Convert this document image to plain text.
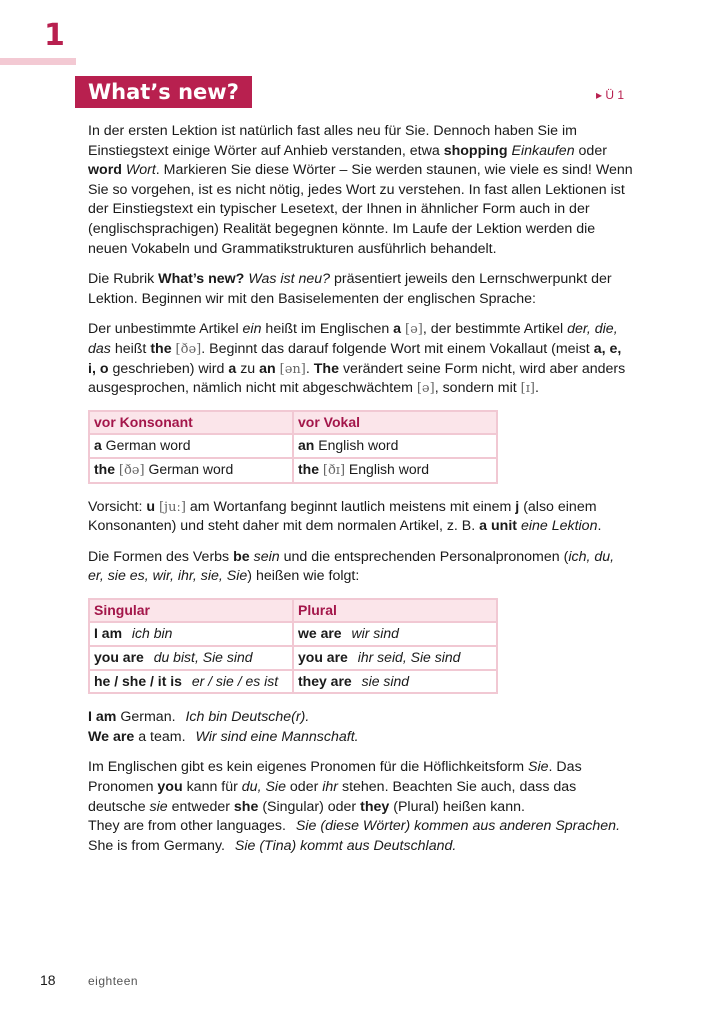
1
What’s new?	▸ Ü 1

In der ersten Lektion ist natürlich fast alles neu für Sie. Dennoch haben Sie im Einstiegstext einige Wörter auf Anhieb verstanden, etwa shopping Einkaufen oder word Wort. Markieren Sie diese Wörter – Sie werden staunen, wie viele es sind! Wenn Sie so vorgehen, ist es nicht nötig, jedes Wort zu verstehen. In fast allen Lektionen ist der Einstiegstext ein typischer Lesetext, der Ihnen in ähnlicher Form auch in der (englischsprachigen) Realität begegnen könnte. Im Laufe der Lektion werden die neuen Vokabeln und Grammatikstrukturen ausführlich behandelt.

Die Rubrik What’s new? Was ist neu? präsentiert jeweils den Lernschwerpunkt der Lektion. Beginnen wir mit den Basiselementen der englischen Sprache:

Der unbestimmte Artikel ein heißt im Englischen a [ə], der bestimmte Artikel der, die, das heißt the [ðə]. Beginnt das darauf folgende Wort mit einem Vokallaut (meist a, e, i, o geschrieben) wird a zu an [ən]. The verändert seine Form nicht, wird aber anders ausgesprochen, nämlich nicht mit abgeschwächtem [ə], sondern mit [ɪ].

vor Konsonant	vor Vokal
a German word	an English word
the [ðə] German word	the [ðɪ] English word

Vorsicht: u [juː] am Wortanfang beginnt lautlich meistens mit einem j (also einem Konsonanten) und steht daher mit dem normalen Artikel, z. B. a unit eine Lektion.

Die Formen des Verbs be sein und die entsprechenden Personalpronomen (ich, du, er, sie es, wir, ihr, sie, Sie) heißen wie folgt:

Singular	Plural
I am ich bin	we are wir sind
you are du bist, Sie sind	you are ihr seid, Sie sind
he / she / it is er / sie / es ist	they are sie sind

I am German. Ich bin Deutsche(r).

We are a team. Wir sind eine Mannschaft.

Im Englischen gibt es kein eigenes Pronomen für die Höflichkeitsform Sie. Das Pronomen you kann für du, Sie oder ihr stehen. Beachten Sie auch, dass das deutsche sie entweder she (Singular) oder they (Plural) heißen kann.

They are from other languages. Sie (diese Wörter) kommen aus anderen Sprachen.

She is from Germany. Sie (Tina) kommt aus Deutschland.

18	eighteen
